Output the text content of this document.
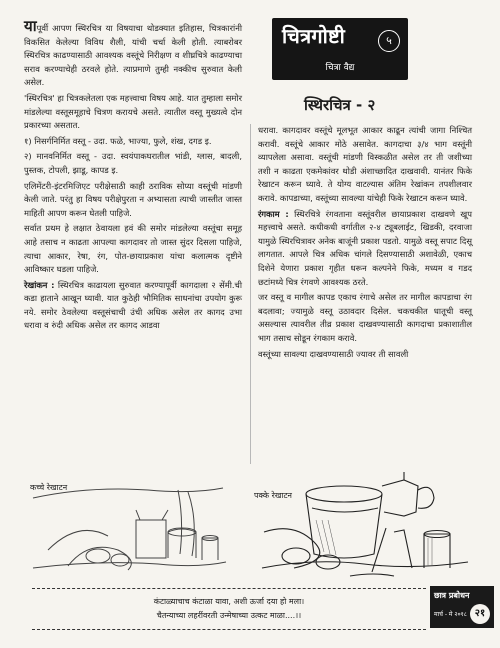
चित्रगोष्टी	५
चित्रा वैद्य
स्थिरचित्र - २

यापूर्वी आपण स्थिरचित्र या विषयाचा थोडक्यात इतिहास, चित्रकारांनी विकसित केलेल्या विविध शैली, यांची चर्चा केली होती. त्याबरोबर स्थिरचित्र काढण्यासाठी आवश्यक वस्तूंचे निरीक्षण व शीघ्रचित्रे काढण्याचा सराव करण्याचेही ठरवले होते. त्याप्रमाणे तुम्ही नक्कीच सुरुवात केली असेल.

'स्थिरचित्र' हा चित्रकलेतला एक महत्त्वाचा विषय आहे. यात तुम्हाला समोर मांडलेल्या वस्तूसमूहाचे चित्रण करायचे असते. त्यातील वस्तू मुख्यत्वे दोन प्रकारच्या असतात.

१) निसर्गनिर्मित वस्तू - उदा. फळे, भाज्या, फुले, शंख, दगड इ.

२) मानवनिर्मित वस्तू - उदा. स्वयंपाकघरातील भांडी, ग्लास, बादली, पुस्तक, टोपली, झाडू, कापड इ.

एलिमेंटरी-इंटरमिजिएट परीक्षेसाठी काही ठराविक सोप्या वस्तूंची मांडणी केली जाते. परंतु हा विषय परीक्षेपुरता न अभ्यासता त्याची जास्तीत जास्त माहिती आपण करून घेतली पाहिजे.

सर्वात प्रथम हे लक्षात ठेवायला हवं की समोर मांडलेल्या वस्तूंचा समूह आहे तसाच न काढता आपल्या कागदावर तो जास्त सुंदर दिसला पाहिजे, त्याचा आकार, रेषा, रंग, पोत-छायाप्रकाश यांचा कलात्मक दृष्टीने आविष्कार घडला पाहिजे.

रेखांकन : स्थिरचित्र काढायला सुरुवात करण्यापूर्वी कागदाला २ सेंमी.ची कडा हाताने आखून घ्यावी. यात कुठेही भौमितिक साधनांचा उपयोग कुरू नये. समोर ठेवलेल्या वस्तूसंचाची उंची अधिक असेल तर कागद उभा धरावा व रुंदी अधिक असेल तर कागद आडवा

धरावा. कागदावर वस्तूंचे मूलभूत आकार काढून त्यांची जागा निश्चित करावी. वस्तूंचे आकार मोठे असावेत. कागदाचा ३/४ भाग वस्तूंनी व्यापलेला असावा. वस्तूंची मांडणी विस्कळीत असेल तर ती जशीच्या तशी न काढता एकमेकांवर थोडी अंशाच्छादित दाखवावी. यानंतर फिके रेखाटन करून घ्यावे. ते योग्य वाटल्यास अंतिम रेखांकन तपशीलवार करावे. कापडाच्या, वस्तूंच्या सावल्या यांचेही फिके रेखाटन करून घ्यावे.

रंगकाम : स्थिरचित्रे रंगवताना वस्तूंवरील छायाप्रकाश दाखवणे खूप महत्त्वाचे असते. कधीकधी वर्गातील २-४ ट्यूबलाईट, खिडकी, दरवाजा यामुळे स्थिरचित्रावर अनेक बाजूंनी प्रकाश पडतो. यामुळे वस्तू सपाट दिसू लागतात. आपले चित्र अधिक चांगले दिसण्यासाठी अशावेळी, एकाच दिशेने येणारा प्रकाश गृहीत धरून कल्पनेने फिके, मध्यम व गडद छटांमध्ये चित्र रंगवणे आवश्यक ठरते.

जर वस्तू व मागील कापड एकाच रंगाचे असेल तर मागील कापडाचा रंग बदलावा; ज्यामुळे वस्तू उठावदार दिसेल. चकचकीत धातूची वस्तू असल्यास त्यावरील तीव्र प्रकाश दाखवण्यासाठी कागदाचा प्रकाशातील भाग तसाच सोडून रंगकाम करावे.

वस्तूंच्या सावल्या दाखवण्यासाठी ज्यावर ती सावली

कच्चे रेखाटन
पक्के रेखाटन
कंटाळ्याचाच कंटाळा यावा, अशी ऊर्जा दया हो मला।
चैतन्याच्या लहरींवरती उन्मेषाच्या उत्कट माळा....।।
छात्र प्रबोधन
मार्च - मे २०१८ २१
